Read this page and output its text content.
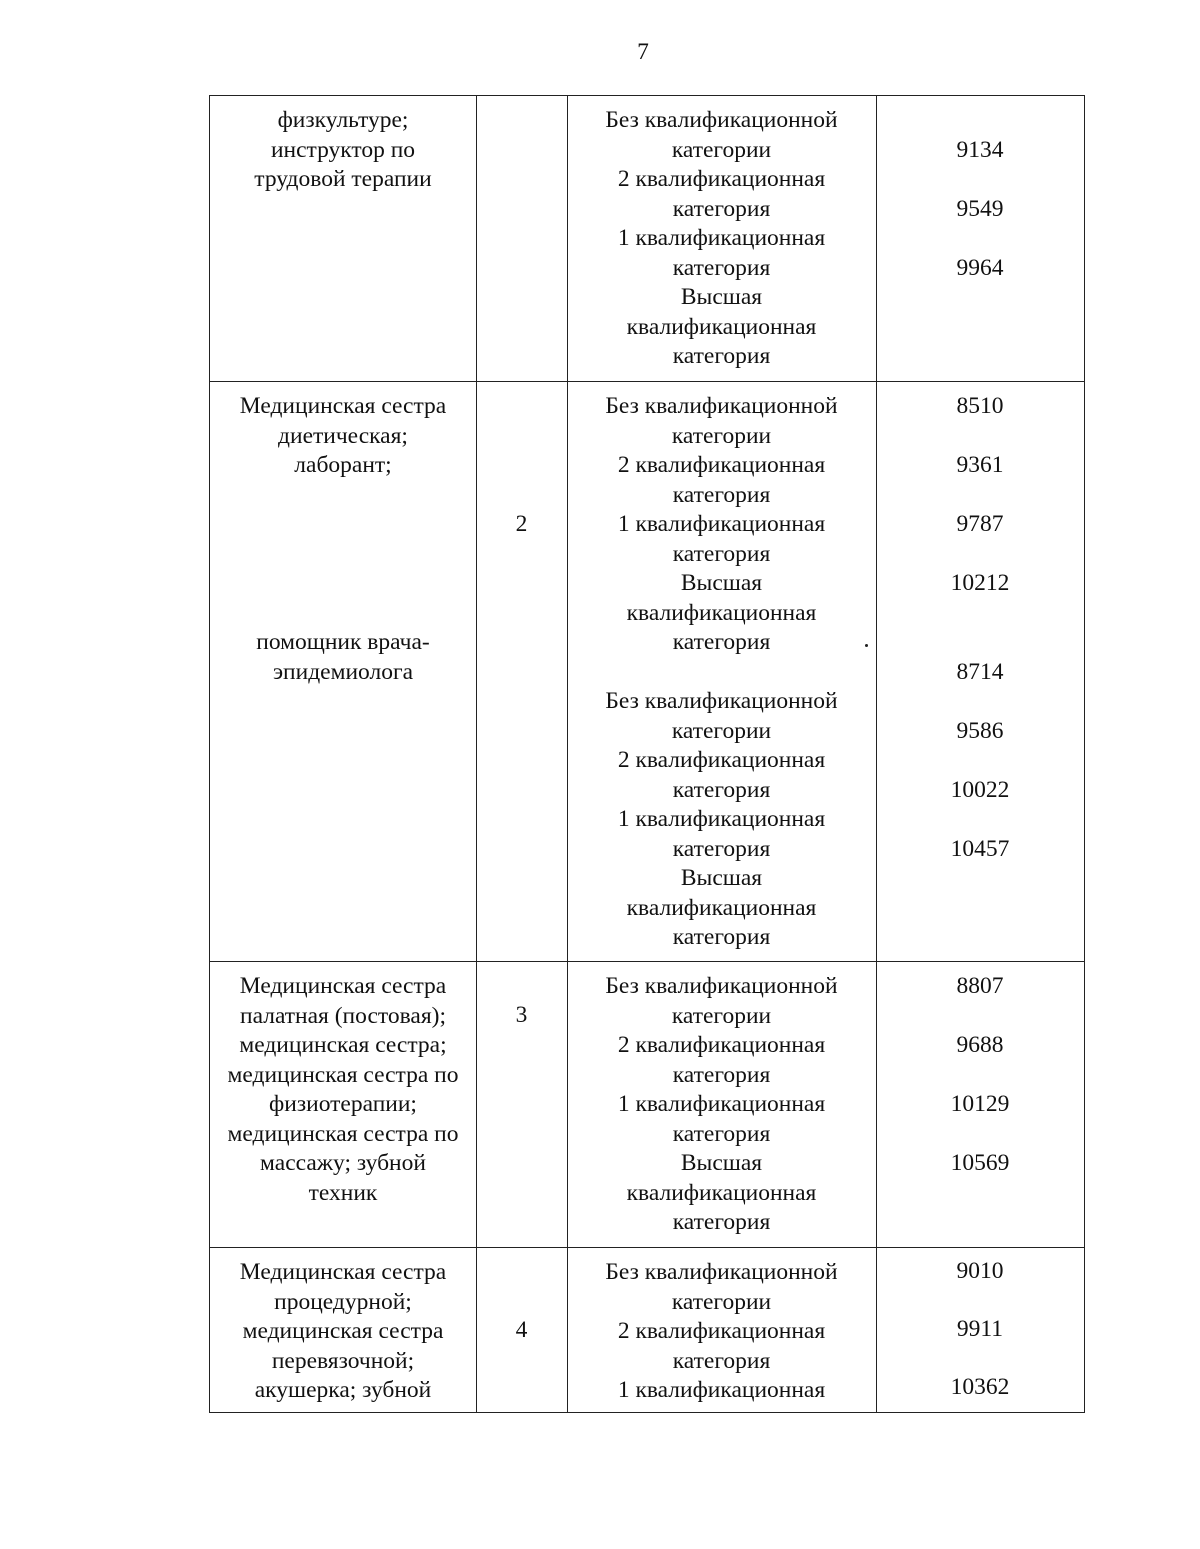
7
физкультуре;
инструктор по
трудовой терапии
Без квалификационной
категории
2 квалификационная
категория
1 квалификационная
категория
Высшая
квалификационная
категория
9134
9549
9964
Медицинская сестра
диетическая;
лаборант;
помощник врача-
эпидемиолога
2
Без квалификационной
категории
2 квалификационная
категория
1 квалификационная
категория
Высшая
квалификационная
категория
8510
9361
9787
10212
8714
Без квалификационной
категории
2 квалификационная
категория
1 квалификационная
категория
Высшая
квалификационная
категория
9586
10022
10457
Медицинская сестра
палатная (постовая);
медицинская сестра;
медицинская сестра по
физиотерапии;
медицинская сестра по
массажу; зубной
техник
3
Без квалификационной
категории
2 квалификационная
категория
1 квалификационная
категория
Высшая
квалификационная
категория
8807
9688
10129
10569
Медицинская сестра
процедурной;
медицинская сестра
перевязочной;
акушерка; зубной
4
Без квалификационной
категории
2 квалификационная
категория
1 квалификационная
9010
9911
10362
